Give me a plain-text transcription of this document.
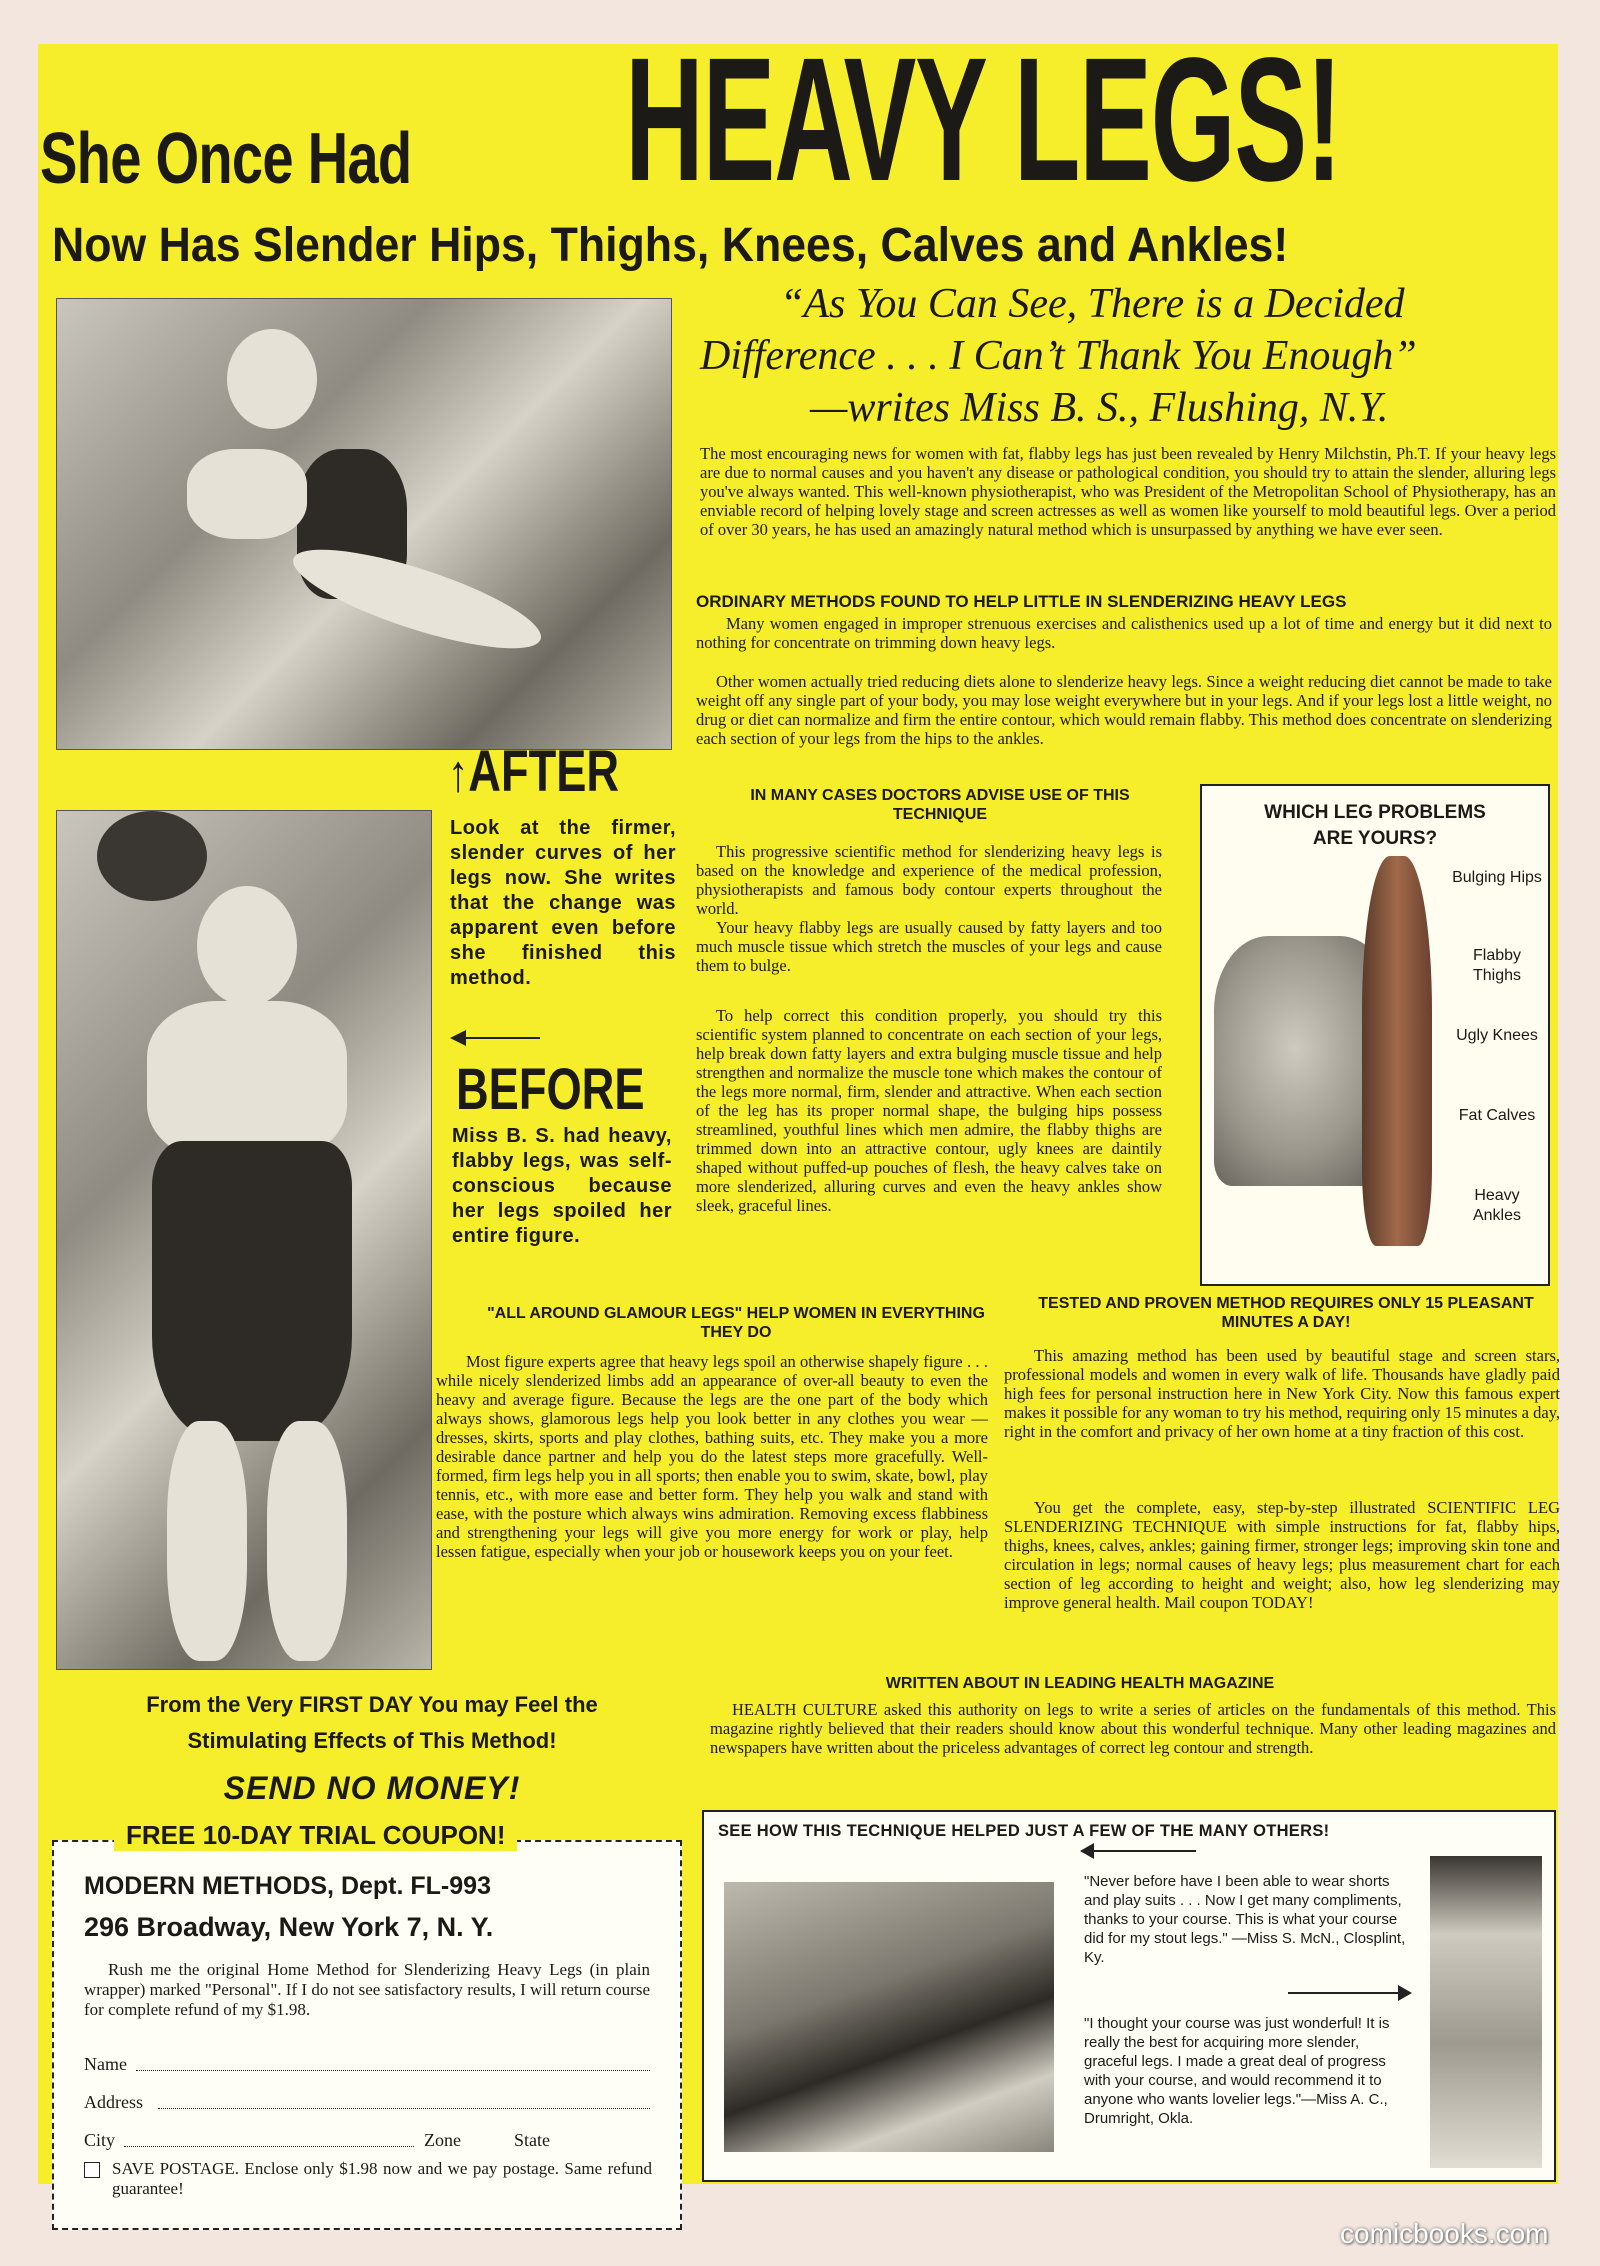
She Once Had HEAVY LEGS!
Now Has Slender Hips, Thighs, Knees, Calves and Ankles!
“As You Can See, There is a Decided
Difference . . . I Can’t Thank You Enough”
—writes Miss B. S., Flushing, N.Y.
The most encouraging news for women with fat, flabby legs has just been revealed by Henry Milchstin, Ph.T. If your heavy legs are due to normal causes and you haven't any disease or pathological condition, you should try to attain the slender, alluring legs you've always wanted. This well-known physiotherapist, who was President of the Metropolitan School of Physiotherapy, has an enviable record of helping lovely stage and screen actresses as well as women like yourself to mold beautiful legs. Over a period of over 30 years, he has used an amazingly natural method which is unsurpassed by anything we have ever seen.
ORDINARY METHODS FOUND TO HELP LITTLE IN SLENDERIZING HEAVY LEGS
Many women engaged in improper strenuous exercises and calisthenics used up a lot of time and energy but it did next to nothing for concentrate on trimming down heavy legs.
Other women actually tried reducing diets alone to slenderize heavy legs. Since a weight reducing diet cannot be made to take weight off any single part of your body, you may lose weight everywhere but in your legs. And if your legs lost a little weight, no drug or diet can normalize and firm the entire contour, which would remain flabby. This method does concentrate on slenderizing each section of your legs from the hips to the ankles.
↑AFTER
Look at the firmer, slender curves of her legs now. She writes that the change was apparent even before she finished this method.
BEFORE
Miss B. S. had heavy, flabby legs, was self-conscious because her legs spoiled her entire figure.
IN MANY CASES DOCTORS ADVISE USE OF THIS TECHNIQUE
This progressive scientific method for slenderizing heavy legs is based on the knowledge and experience of the medical profession, physiotherapists and famous body contour experts throughout the world.
Your heavy flabby legs are usually caused by fatty layers and too much muscle tissue which stretch the muscles of your legs and cause them to bulge.
To help correct this condition properly, you should try this scientific system planned to concentrate on each section of your legs, help break down fatty layers and extra bulging muscle tissue and help strengthen and normalize the muscle tone which makes the contour of the legs more normal, firm, slender and attractive. When each section of the leg has its proper normal shape, the bulging hips possess streamlined, youthful lines which men admire, the flabby thighs are trimmed down into an attractive contour, ugly knees are daintily shaped without puffed-up pouches of flesh, the heavy calves take on more slenderized, alluring curves and even the heavy ankles show sleek, graceful lines.
WHICH LEG PROBLEMS ARE YOURS?
Bulging Hips
Flabby Thighs
Ugly Knees
Fat Calves
Heavy Ankles
"ALL AROUND GLAMOUR LEGS" HELP WOMEN IN EVERYTHING THEY DO
Most figure experts agree that heavy legs spoil an otherwise shapely figure . . . while nicely slenderized limbs add an appearance of over-all beauty to even the heavy and average figure. Because the legs are the one part of the body which always shows, glamorous legs help you look better in any clothes you wear — dresses, skirts, sports and play clothes, bathing suits, etc. They make you a more desirable dance partner and help you do the latest steps more gracefully. Well-formed, firm legs help you in all sports; then enable you to swim, skate, bowl, play tennis, etc., with more ease and better form. They help you walk and stand with ease, with the posture which always wins admiration. Removing excess flabbiness and strengthening your legs will give you more energy for work or play, help lessen fatigue, especially when your job or housework keeps you on your feet.
TESTED AND PROVEN METHOD REQUIRES ONLY 15 PLEASANT MINUTES A DAY!
This amazing method has been used by beautiful stage and screen stars, professional models and women in every walk of life. Thousands have gladly paid high fees for personal instruction here in New York City. Now this famous expert makes it possible for any woman to try his method, requiring only 15 minutes a day, right in the comfort and privacy of her own home at a tiny fraction of this cost.
You get the complete, easy, step-by-step illustrated SCIENTIFIC LEG SLENDERIZING TECHNIQUE with simple instructions for fat, flabby hips, thighs, knees, calves, ankles; gaining firmer, stronger legs; improving skin tone and circulation in legs; normal causes of heavy legs; plus measurement chart for each section of leg according to height and weight; also, how leg slenderizing may improve general health. Mail coupon TODAY!
WRITTEN ABOUT IN LEADING HEALTH MAGAZINE
HEALTH CULTURE asked this authority on legs to write a series of articles on the fundamentals of this method. This magazine rightly believed that their readers should know about this wonderful technique. Many other leading magazines and newspapers have written about the priceless advantages of correct leg contour and strength.
From the Very FIRST DAY You may Feel the
Stimulating Effects of This Method!
SEND NO MONEY!
FREE 10-DAY TRIAL COUPON!
MODERN METHODS, Dept. FL-993
296 Broadway, New York 7, N. Y.
Rush me the original Home Method for Slenderizing Heavy Legs (in plain wrapper) marked "Personal". If I do not see satisfactory results, I will return course for complete refund of my $1.98.
Name
Address
City	Zone	State
SAVE POSTAGE. Enclose only $1.98 now and we pay postage. Same refund guarantee!
SEE HOW THIS TECHNIQUE HELPED JUST A FEW OF THE MANY OTHERS!
"Never before have I been able to wear shorts and play suits . . . Now I get many compliments, thanks to your course. This is what your course did for my stout legs." —Miss S. McN., Closplint, Ky.
"I thought your course was just wonderful! It is really the best for acquiring more slender, graceful legs. I made a great deal of progress with your course, and would recommend it to anyone who wants lovelier legs."—Miss A. C., Drumright, Okla.
comicbooks.com
